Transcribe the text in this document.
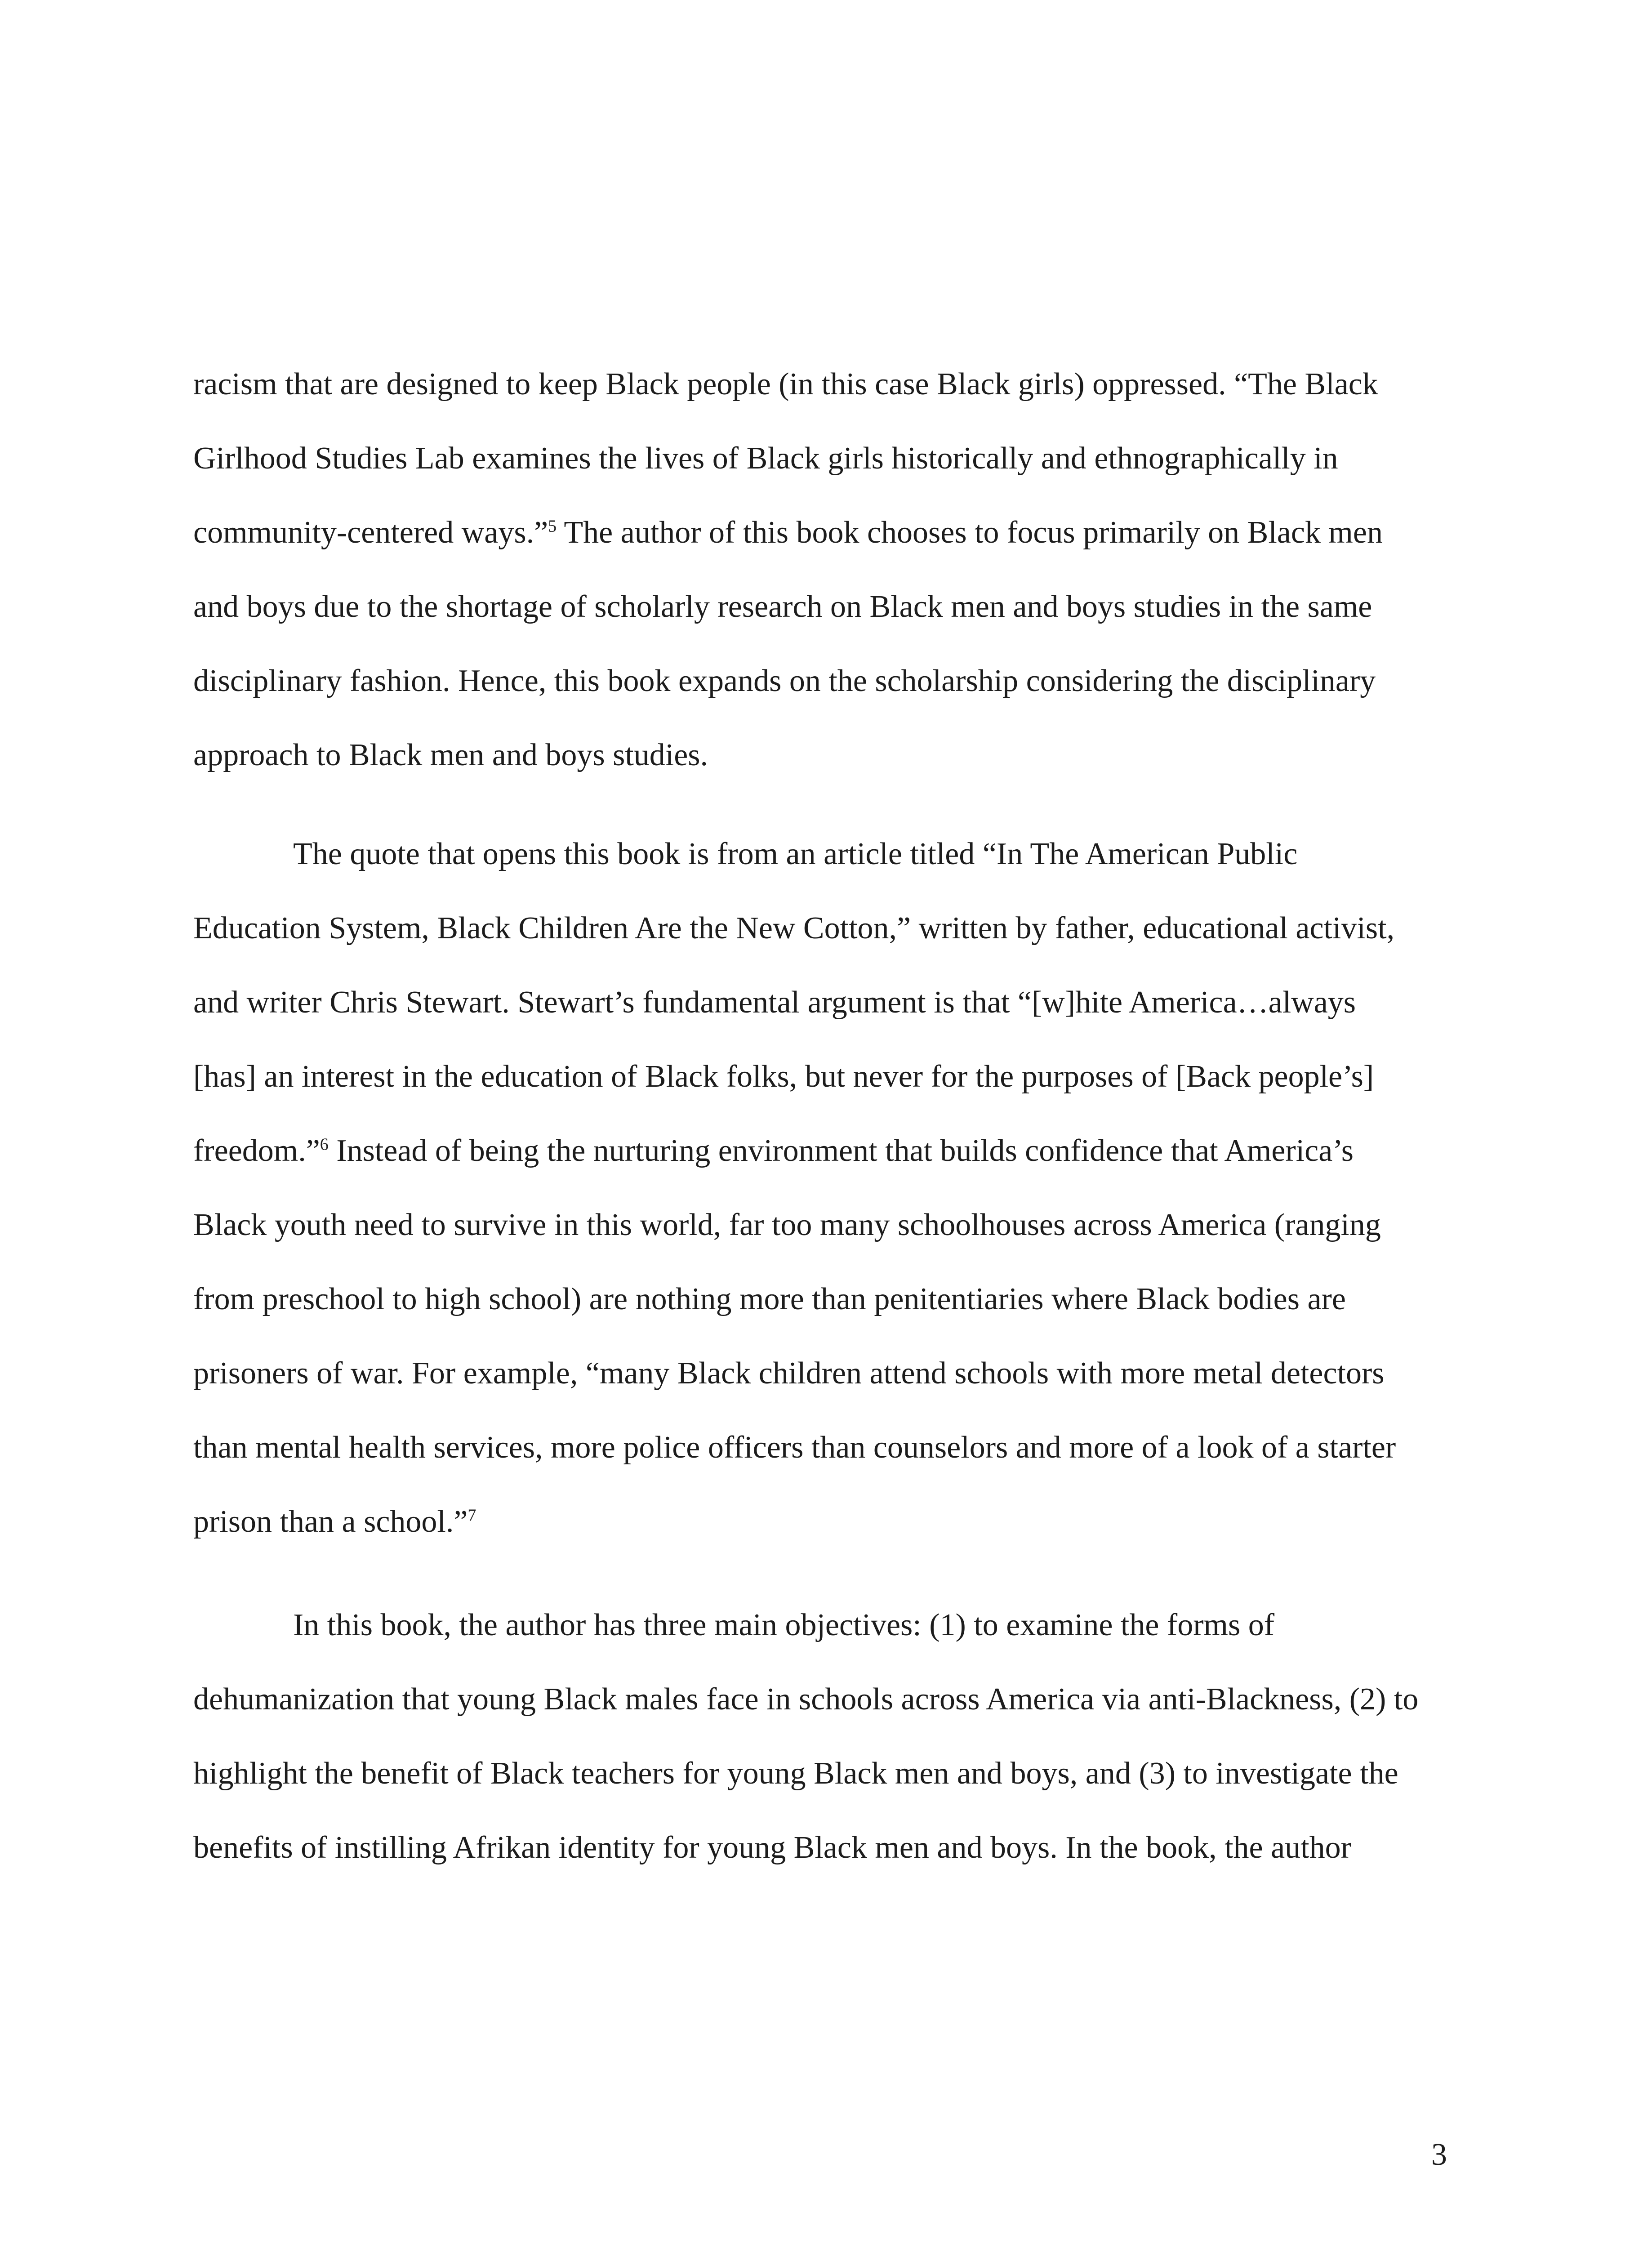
racism that are designed to keep Black people (in this case Black girls) oppressed. “The Black
Girlhood Studies Lab examines the lives of Black girls historically and ethnographically in
community-centered ways.”$^5$ The author of this book chooses to focus primarily on Black men
and boys due to the shortage of scholarly research on Black men and boys studies in the same
disciplinary fashion. Hence, this book expands on the scholarship considering the disciplinary
approach to Black men and boys studies.
The quote that opens this book is from an article titled “In The American Public
Education System, Black Children Are the New Cotton,” written by father, educational activist,
and writer Chris Stewart. Stewart’s fundamental argument is that “[w]hite America…always
[has] an interest in the education of Black folks, but never for the purposes of [Back people’s]
freedom.”$^6$ Instead of being the nurturing environment that builds confidence that America’s
Black youth need to survive in this world, far too many schoolhouses across America (ranging
from preschool to high school) are nothing more than penitentiaries where Black bodies are
prisoners of war. For example, “many Black children attend schools with more metal detectors
than mental health services, more police officers than counselors and more of a look of a starter
prison than a school.”$^7$
In this book, the author has three main objectives: (1) to examine the forms of
dehumanization that young Black males face in schools across America via anti-Blackness, (2) to
highlight the benefit of Black teachers for young Black men and boys, and (3) to investigate the
benefits of instilling Afrikan identity for young Black men and boys. In the book, the author
3
